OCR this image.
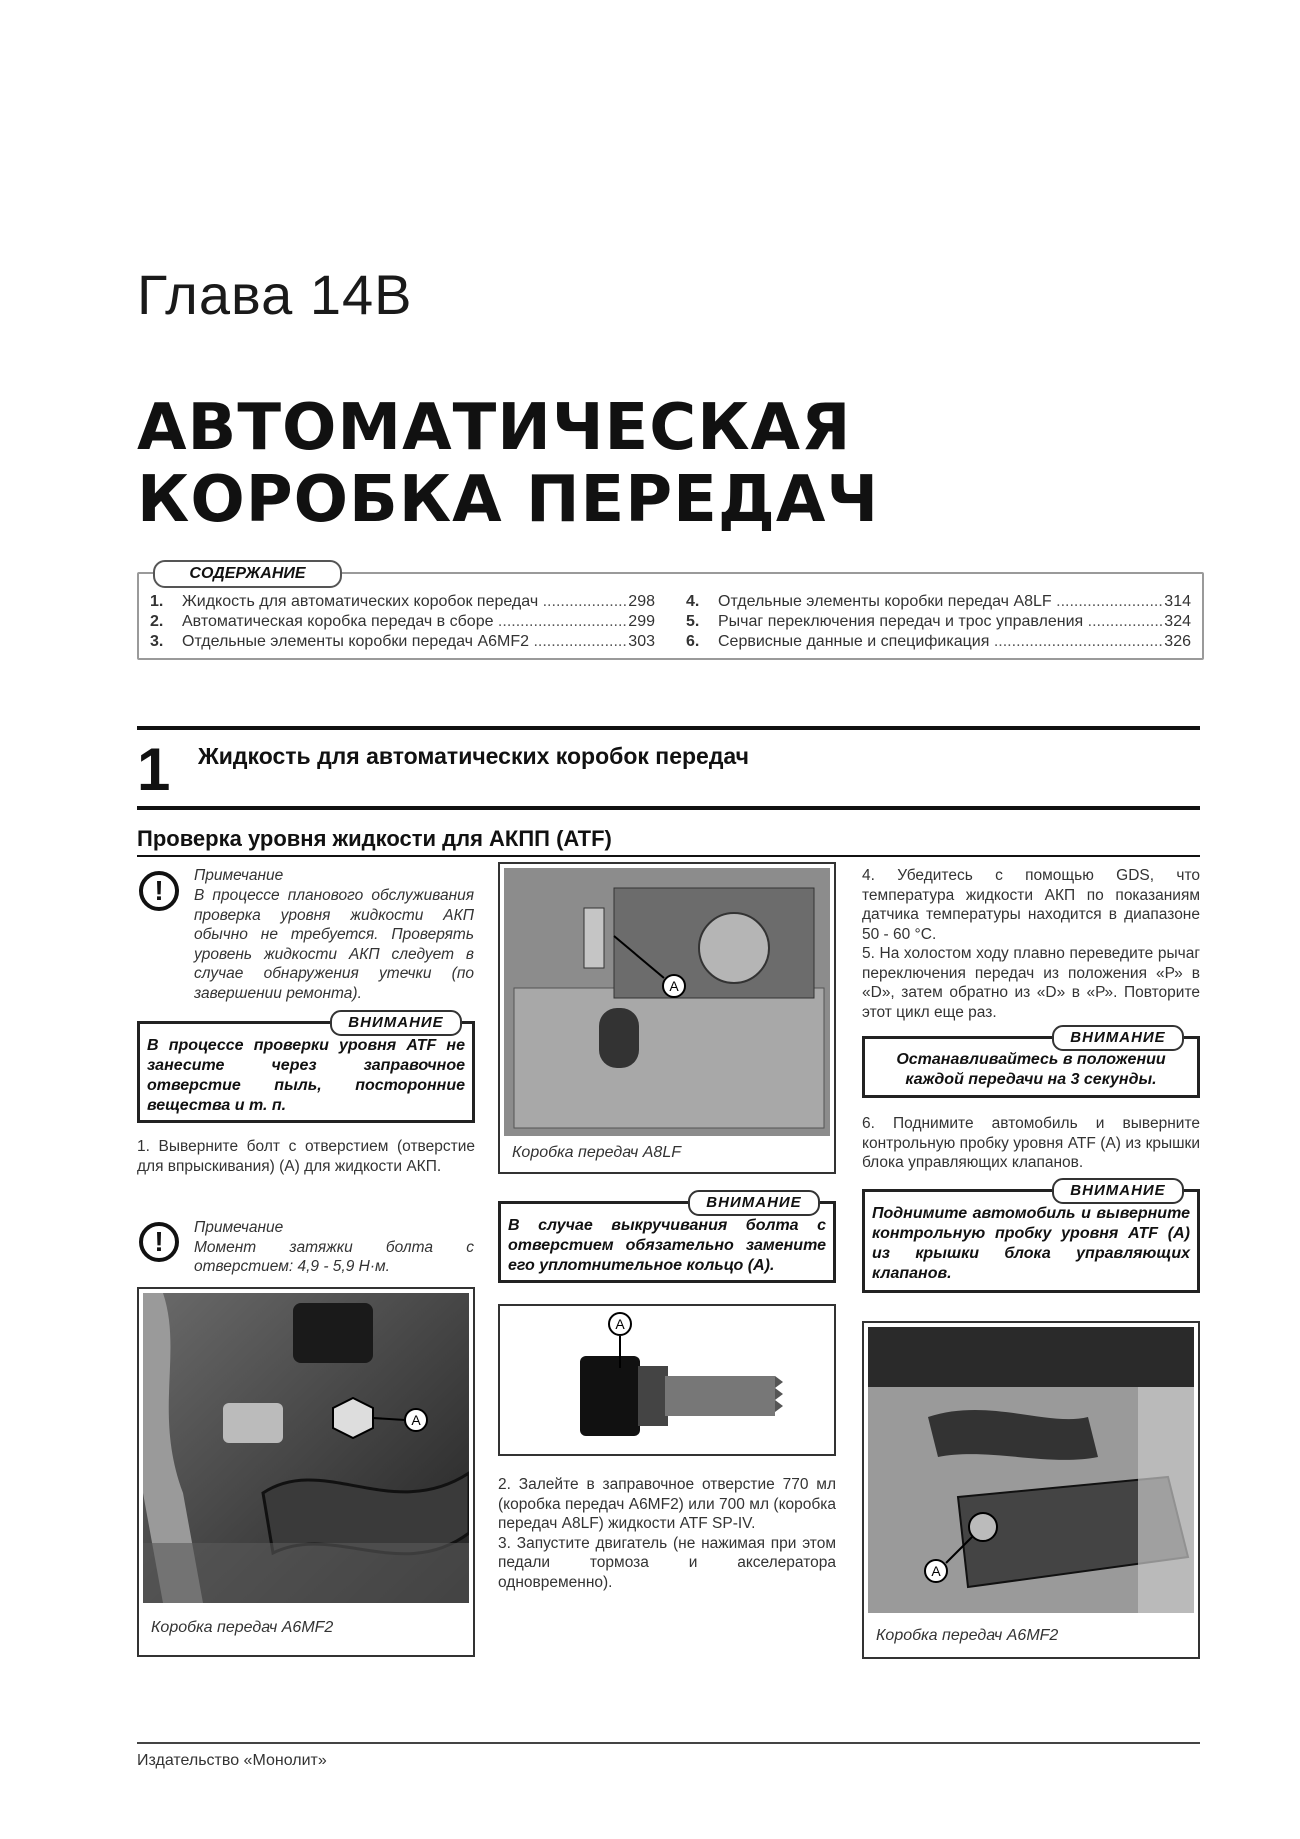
Глава 14В
АВТОМАТИЧЕСКАЯ
КОРОБКА ПЕРЕДАЧ
СОДЕРЖАНИЕ
1.	Жидкость для автоматических коробок передач .....	298
2.	Автоматическая коробка передач в сборе .....	299
3.	Отдельные элементы коробки передач A6MF2 .....	303
4.	Отдельные элементы коробки передач A8LF .....	314
5.	Рычаг переключения передач и трос управления .....	324
6.	Сервисные данные и спецификация .....	326
1 Жидкость для автоматических коробок передач
Проверка уровня жидкости для АКПП (ATF)
!	Примечание
В процессе планового обслуживания проверка уровня жидкости АКП обычно не требуется. Проверять уровень жидкости АКП следует в случае обнаружения утечки (по завершении ремонта).
ВНИМАНИЕ
В процессе проверки уровня ATF не занесите через заправочное отверстие пыль, посторонние вещества и т. п.
1. Выверните болт с отверстием (отверстие для впрыскивания) (А) для жидкости АКП.
!	Примечание
Момент затяжки болта с отверстием: 4,9 - 5,9 Н·м.
A
Коробка передач A6MF2
A
Коробка передач A8LF
ВНИМАНИЕ
В случае выкручивания болта с отверстием обязательно замените его уплотнительное кольцо (А).
A
2. Залейте в заправочное отверстие 770 мл (коробка передач A6MF2) или 700 мл (коробка передач A8LF) жидкости ATF SP-IV.
3. Запустите двигатель (не нажимая при этом педали тормоза и акселератора одновременно).
4. Убедитесь с помощью GDS, что температура жидкости АКП по показаниям датчика температуры находится в диапазоне 50 - 60 °С.
5. На холостом ходу плавно переведите рычаг переключения передач из положения «Р» в «D», затем обратно из «D» в «Р». Повторите этот цикл еще раз.
ВНИМАНИЕ
Останавливайтесь в положении каждой передачи на 3 секунды.
6. Поднимите автомобиль и выверните контрольную пробку уровня ATF (А) из крышки блока управляющих клапанов.
ВНИМАНИЕ
Поднимите автомобиль и выверните контрольную пробку уровня ATF (А) из крышки блока управляющих клапанов.
A
Коробка передач A6MF2
Издательство «Монолит»
